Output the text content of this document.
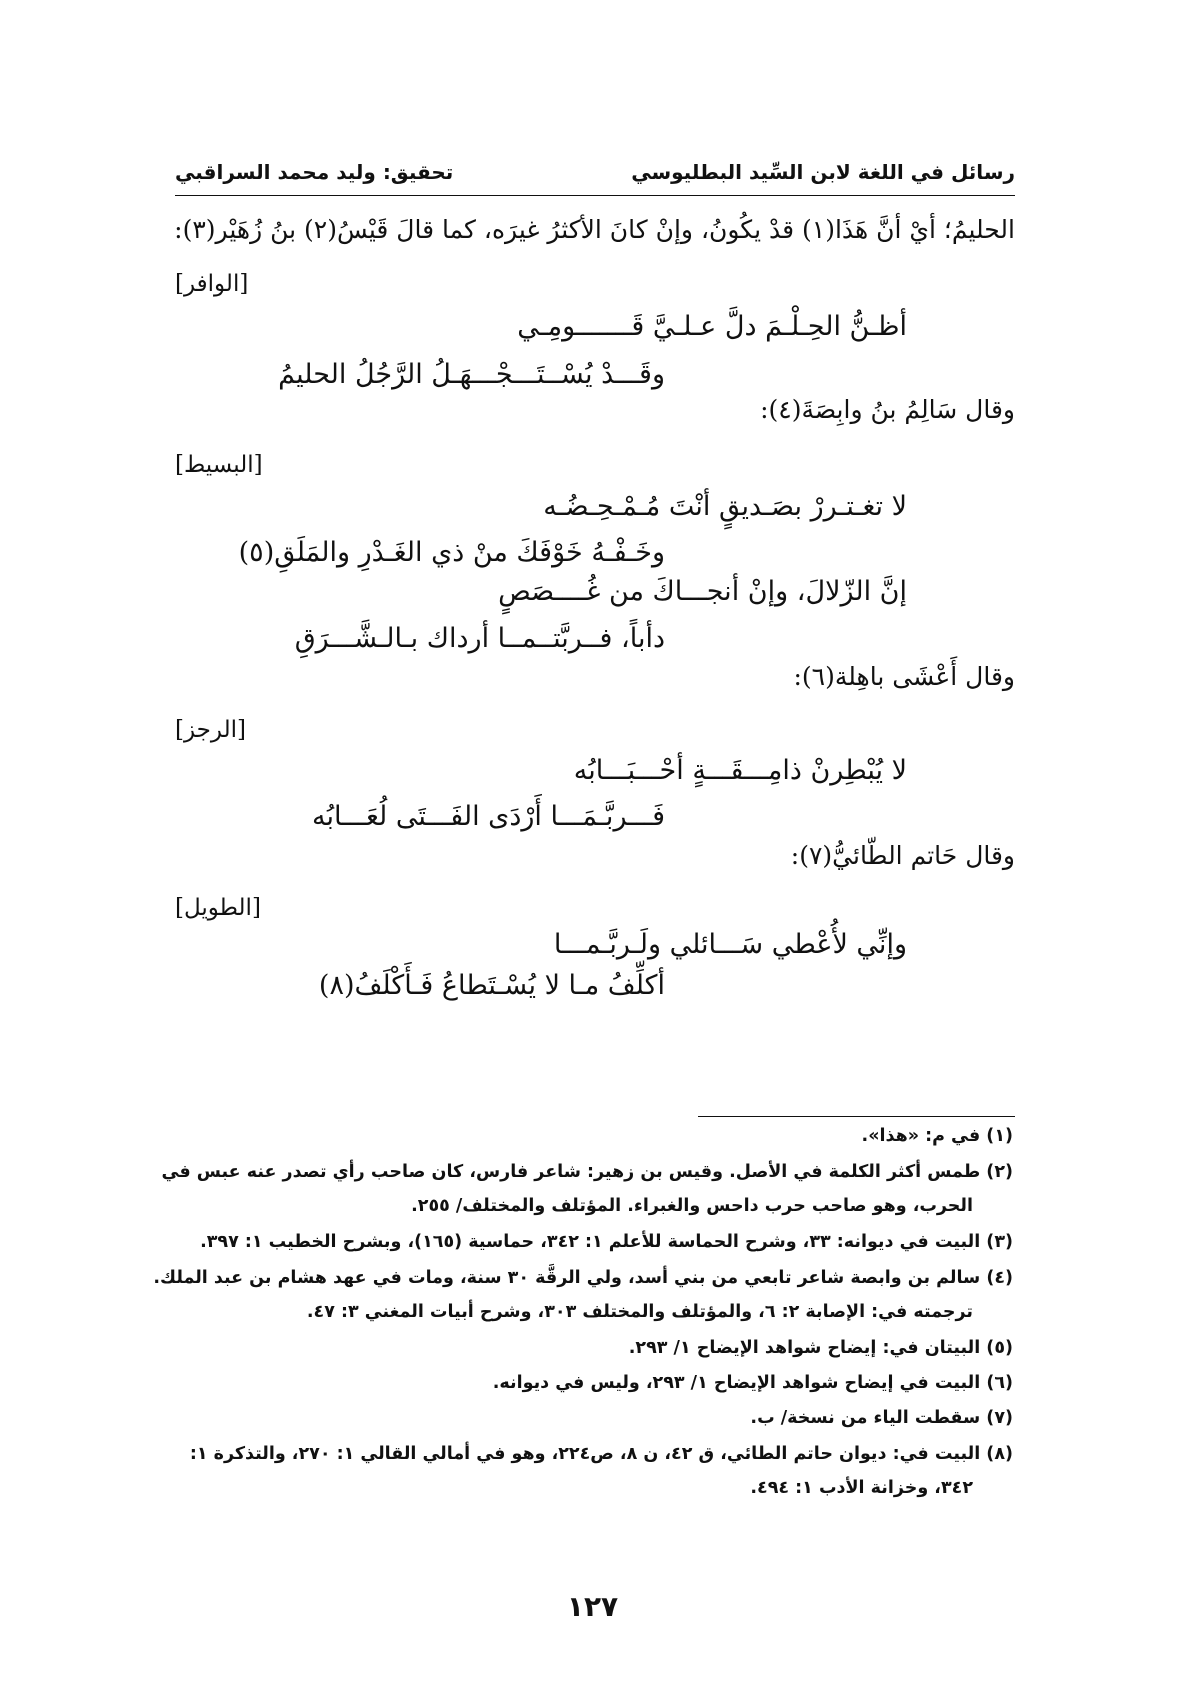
رسائل في اللغة لابن السِّيد البطليوسي
تحقيق: وليد محمد السراقبي
الحليمُ؛ أيْ أنَّ هَذَا(١) قدْ يكُونُ، وإنْ كانَ الأكثرُ غيرَه، كما قالَ قَيْسُ(٢) بنُ زُهَيْر(٣):
[الوافر]
أظـنُّ الحِـلْـمَ دلَّ عـلـيَّ قَـــــــومِـي
وقَـــدْ يُسْــتَـــجْـــهَـلُ الرَّجُلُ الحليمُ
وقال سَالِمُ بنُ وابِصَةَ(٤):
[البسيط]
لا تغـتـررْ بصَـديقٍ أنْتَ مُـمْـحِـضُـه
وخَـفْـهُ خَوْفَكَ منْ ذي الغَـدْرِ والمَلَقِ(٥)
إنَّ الزّلالَ، وإنْ أنجـــاكَ من غُــــصَصٍ
دأباً، فــربَّتــمــا أرداك بـالـشَّـــرَقِ
وقال أَعْشَى باهِلة(٦):
[الرجز]
لا يُبْطِرنْ ذامِـــقَـــةٍ أحْـــبَـــابُه
فَـــربَّـمَـــا أَرْدَى الفَـــتَى لُعَـــابُه
وقال حَاتم الطّائيُّ(٧):
[الطويل]
وإنِّي لأُعْطي سَـــائلي ولَـربَّـمـــا
أكلِّفُ مـا لا يُسْـتَطاعُ فَـأَكْلَفُ(٨)
(١) في م: «هذا».
(٢) طمس أكثر الكلمة في الأصل. وقيس بن زهير: شاعر فارس، كان صاحب رأي تصدر عنه عبس في
الحرب، وهو صاحب حرب داحس والغبراء. المؤتلف والمختلف/ ٢٥٥.
(٣) البيت في ديوانه: ٣٣، وشرح الحماسة للأعلم ١: ٣٤٢، حماسية (١٦٥)، وبشرح الخطيب ١: ٣٩٧.
(٤) سالم بن وابصة شاعر تابعي من بني أسد، ولي الرقَّة ٣٠ سنة، ومات في عهد هشام بن عبد الملك.
ترجمته في: الإصابة ٢: ٦، والمؤتلف والمختلف ٣٠٣، وشرح أبيات المغني ٣: ٤٧.
(٥) البيتان في: إيضاح شواهد الإيضاح ١/ ٢٩٣.
(٦) البيت في إيضاح شواهد الإيضاح ١/ ٢٩٣، وليس في ديوانه.
(٧) سقطت الياء من نسخة/ ب.
(٨) البيت في: ديوان حاتم الطائي، ق ٤٢، ن ٨، ص٢٢٤، وهو في أمالي القالي ١: ٢٧٠، والتذكرة ١:
٣٤٢، وخزانة الأدب ١: ٤٩٤.
١٢٧
